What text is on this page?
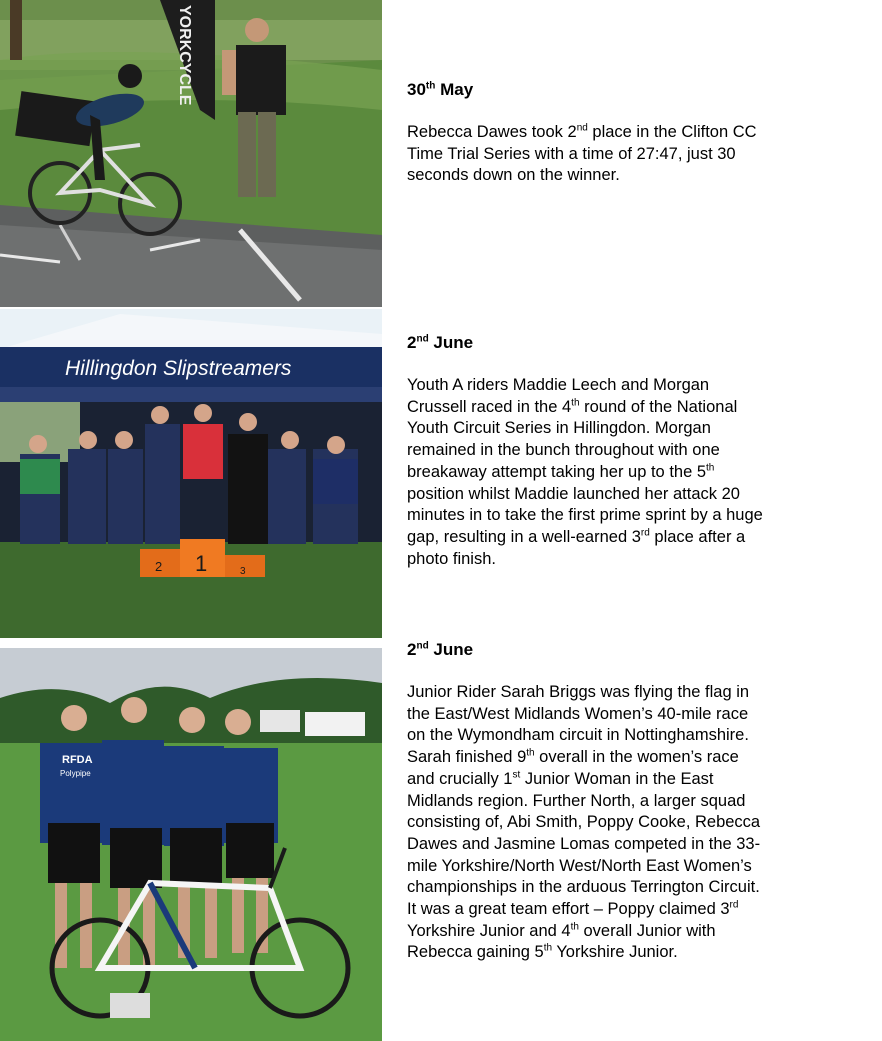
YORKCYCLE
Hillingdon Slipstreamers
2 1	3
RFDA
Polypipe
30th May

Rebecca Dawes took 2nd place in the Clifton CC Time Trial Series with a time of 27:47, just 30 seconds down on the winner.

2nd June

Youth A riders Maddie Leech and Morgan Crussell raced in the 4th round of the National Youth Circuit Series in Hillingdon. Morgan remained in the bunch throughout with one breakaway attempt taking her up to the 5th position whilst Maddie launched her attack 20 minutes in to take the first prime sprint by a huge gap, resulting in a well-earned 3rd place after a photo finish.

2nd June

Junior Rider Sarah Briggs was flying the flag in the East/West Midlands Women’s 40-mile race on the Wymondham circuit in Nottinghamshire. Sarah finished 9th overall in the women’s race and crucially 1st Junior Woman in the East Midlands region. Further North, a larger squad consisting of, Abi Smith, Poppy Cooke, Rebecca Dawes and Jasmine Lomas competed in the 33-mile Yorkshire/North West/North East Women’s championships in the arduous Terrington Circuit. It was a great team effort – Poppy claimed 3rd Yorkshire Junior and 4th overall Junior with Rebecca gaining 5th Yorkshire Junior.
